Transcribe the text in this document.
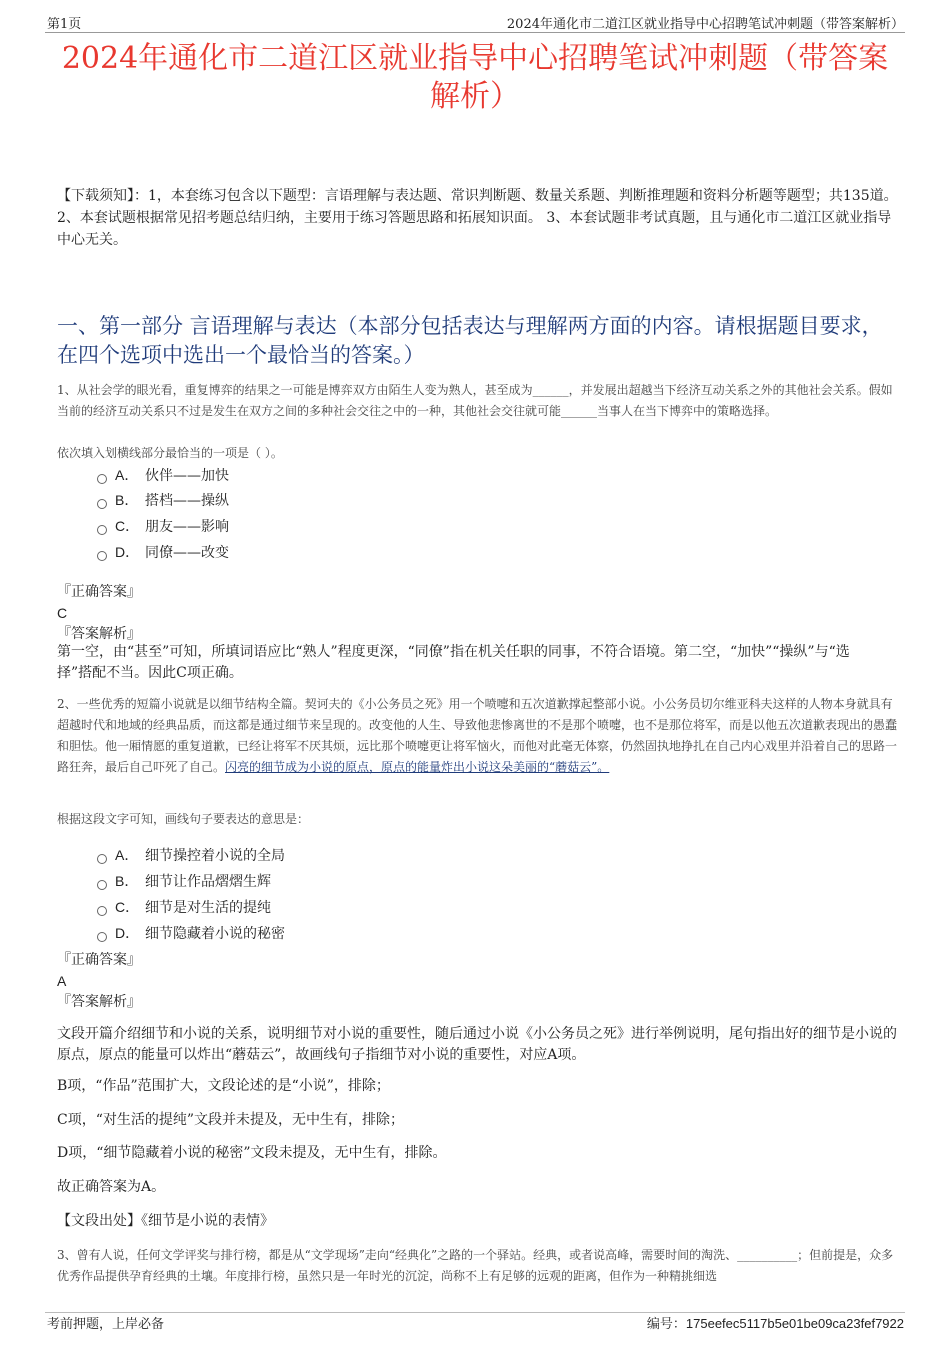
第1页	2024年通化市二道江区就业指导中心招聘笔试冲刺题（带答案解析）
2024年通化市二道江区就业指导中心招聘笔试冲刺题（带答案解析）
【下载须知】：1，本套练习包含以下题型：言语理解与表达题、常识判断题、数量关系题、判断推理题和资料分析题等题型；共135道。 2、本套试题根据常见招考题总结归纳，主要用于练习答题思路和拓展知识面。 3、本套试题非考试真题，且与通化市二道江区就业指导中心无关。
一、第一部分 言语理解与表达（本部分包括表达与理解两方面的内容。请根据题目要求，在四个选项中选出一个最恰当的答案。）
1、从社会学的眼光看，重复博弈的结果之一可能是博弈双方由陌生人变为熟人，甚至成为______，并发展出超越当下经济互动关系之外的其他社会关系。假如当前的经济互动关系只不过是发生在双方之间的多种社会交往之中的一种，其他社会交往就可能______当事人在当下博弈中的策略选择。
依次填入划横线部分最恰当的一项是（ ）。
A． 伙伴——加快
B． 搭档——操纵
C． 朋友——影响
D． 同僚——改变
『正确答案』
C
『答案解析』
第一空，由“甚至”可知，所填词语应比“熟人”程度更深，“同僚”指在机关任职的同事，不符合语境。第二空，“加快”“操纵”与“选择”搭配不当。因此C项正确。
2、一些优秀的短篇小说就是以细节结构全篇。契诃夫的《小公务员之死》用一个喷嚏和五次道歉撑起整部小说。小公务员切尔维亚科夫这样的人物本身就具有超越时代和地域的经典品质，而这都是通过细节来呈现的。改变他的人生、导致他悲惨离世的不是那个喷嚏，也不是那位将军，而是以他五次道歉表现出的愚蠢和胆怯。他一厢情愿的重复道歉，已经让将军不厌其烦，远比那个喷嚏更让将军恼火，而他对此毫无体察，仍然固执地挣扎在自己内心戏里并沿着自己的思路一路狂奔，最后自己吓死了自己。闪亮的细节成为小说的原点，原点的能量炸出小说这朵美丽的“蘑菇云”。
根据这段文字可知，画线句子要表达的意思是：
A． 细节操控着小说的全局
B． 细节让作品熠熠生辉
C． 细节是对生活的提纯
D． 细节隐藏着小说的秘密
『正确答案』
A
『答案解析』
文段开篇介绍细节和小说的关系，说明细节对小说的重要性，随后通过小说《小公务员之死》进行举例说明，尾句指出好的细节是小说的原点，原点的能量可以炸出“蘑菇云”，故画线句子指细节对小说的重要性，对应A项。
B项，“作品”范围扩大，文段论述的是“小说”，排除；
C项，“对生活的提纯”文段并未提及，无中生有，排除；
D项，“细节隐藏着小说的秘密”文段未提及，无中生有，排除。
故正确答案为A。
【文段出处】《细节是小说的表情》
3、曾有人说，任何文学评奖与排行榜，都是从“文学现场”走向“经典化”之路的一个驿站。经典，或者说高峰，需要时间的淘洗、__________；但前提是，众多优秀作品提供孕育经典的土壤。年度排行榜，虽然只是一年时光的沉淀，尚称不上有足够的远观的距离，但作为一种精挑细选
考前押题，上岸必备	编号：175eefec5117b5e01be09ca23fef7922
